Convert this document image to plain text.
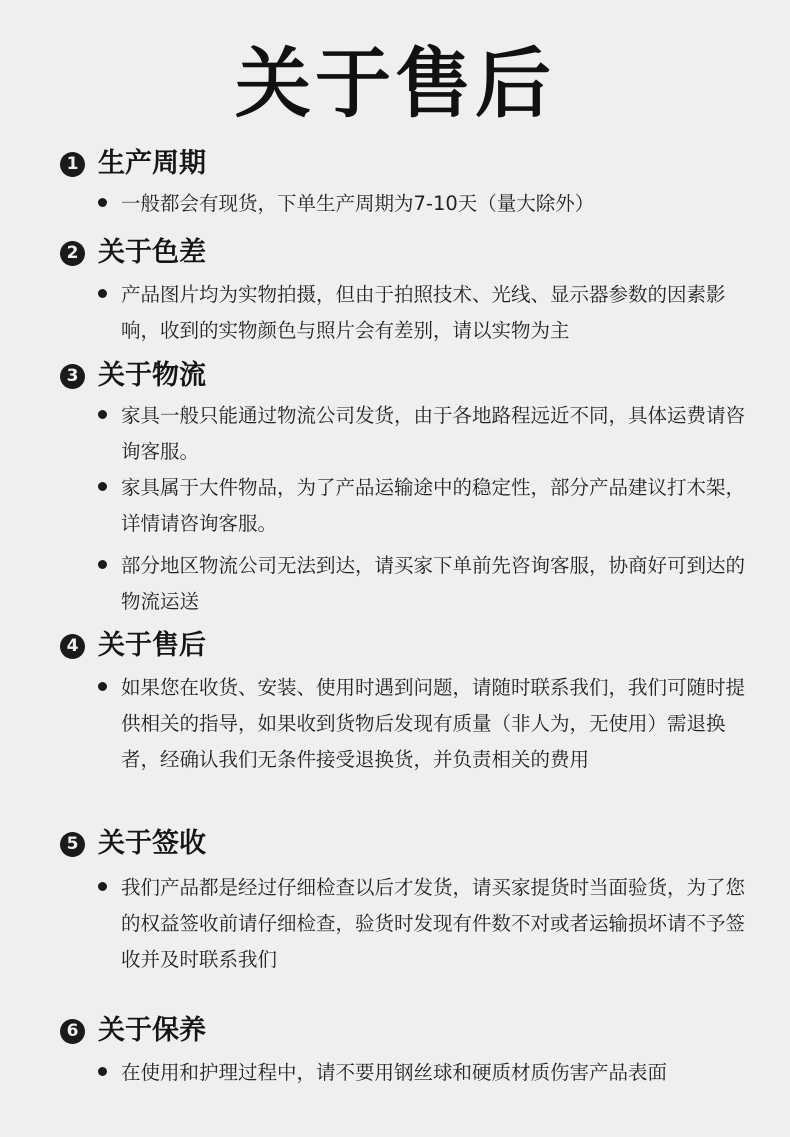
关于售后
1 生产周期
一般都会有现货，下单生产周期为7-10天（量大除外）
2 关于色差
产品图片均为实物拍摄，但由于拍照技术、光线、显示器参数的因素影响，收到的实物颜色与照片会有差别，请以实物为主
3 关于物流
家具一般只能通过物流公司发货，由于各地路程远近不同，具体运费请咨询客服。
家具属于大件物品，为了产品运输途中的稳定性，部分产品建议打木架，详情请咨询客服。
部分地区物流公司无法到达，请买家下单前先咨询客服，协商好可到达的物流运送
4 关于售后
如果您在收货、安装、使用时遇到问题，请随时联系我们，我们可随时提供相关的指导，如果收到货物后发现有质量（非人为，无使用）需退换者，经确认我们无条件接受退换货，并负责相关的费用
5 关于签收
我们产品都是经过仔细检查以后才发货，请买家提货时当面验货，为了您的权益签收前请仔细检查，验货时发现有件数不对或者运输损坏请不予签收并及时联系我们
6 关于保养
在使用和护理过程中，请不要用钢丝球和硬质材质伤害产品表面
